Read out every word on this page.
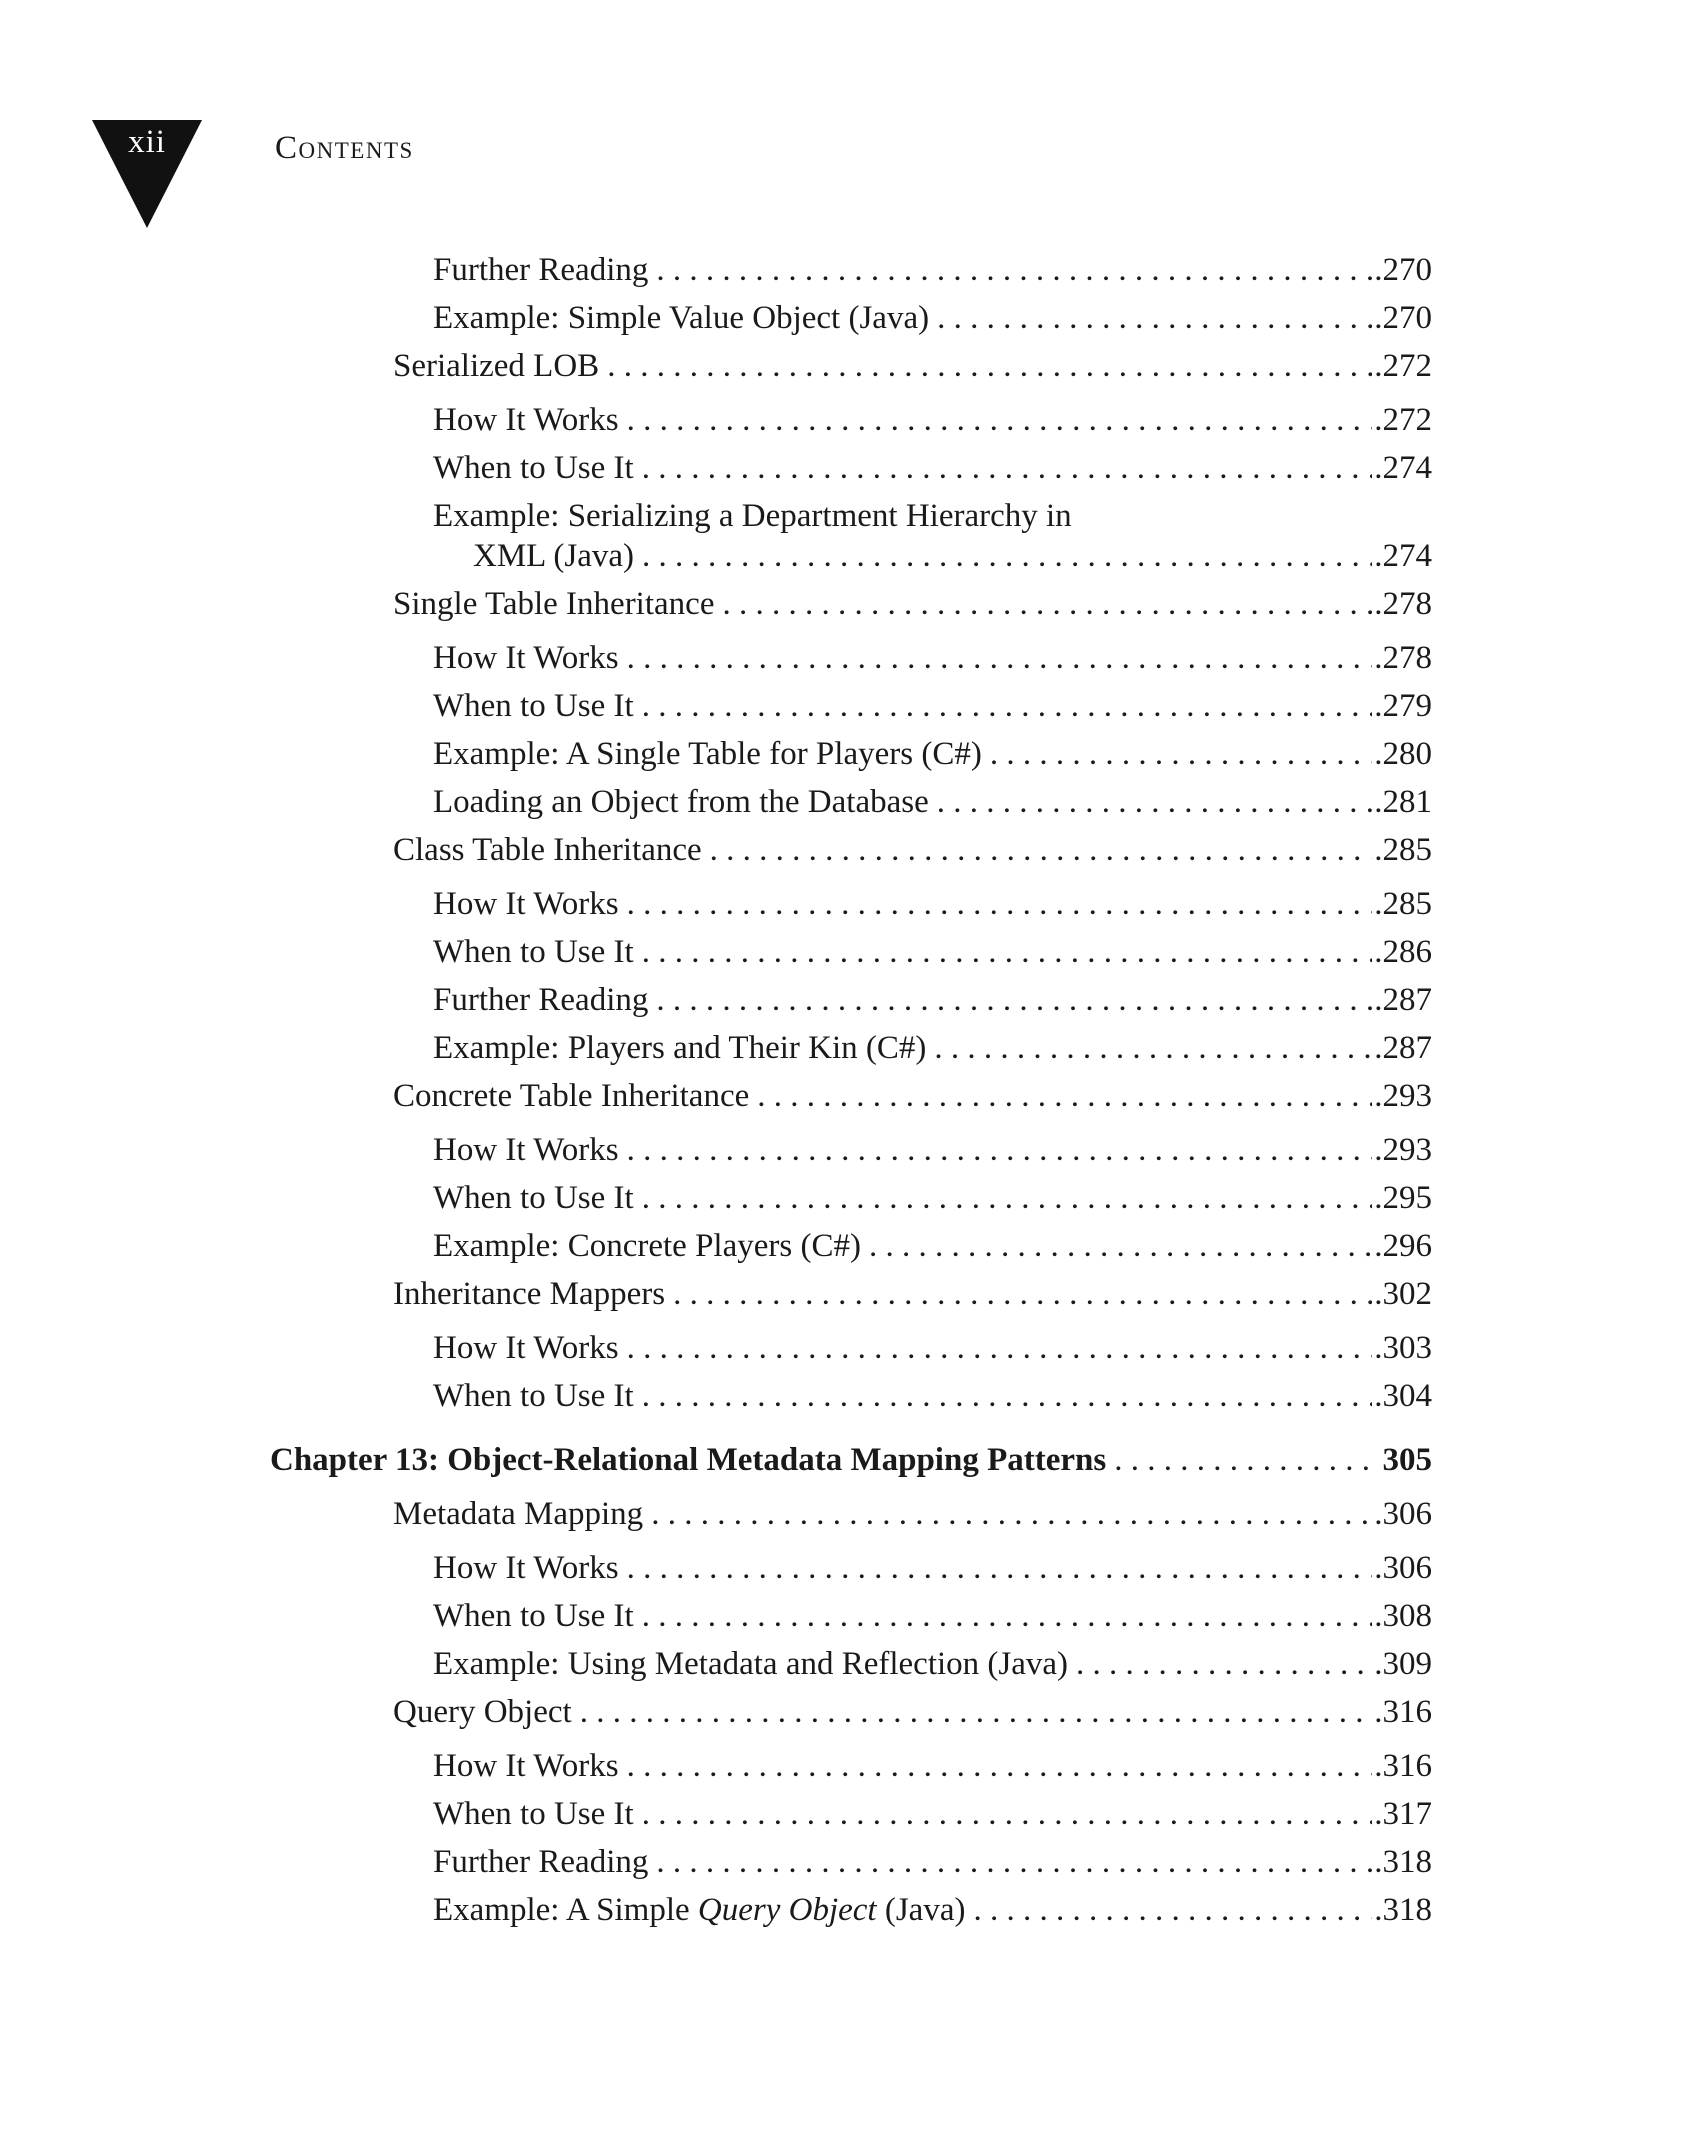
xii	Contents
Further Reading . . .	.270
Example: Simple Value Object (Java) . . .	.270
Serialized LOB . . .	.272
How It Works . . .	.272
When to Use It . . .	.274
Example: Serializing a Department Hierarchy in
XML (Java) . . .	.274
Single Table Inheritance . . .	.278
How It Works . . .	.278
When to Use It . . .	.279
Example: A Single Table for Players (C#) . . .	.280
Loading an Object from the Database . . .	.281
Class Table Inheritance . . .	.285
How It Works . . .	.285
When to Use It . . .	.286
Further Reading . . .	.287
Example: Players and Their Kin (C#) . . .	.287
Concrete Table Inheritance . . .	.293
How It Works . . .	.293
When to Use It . . .	.295
Example: Concrete Players (C#) . . .	.296
Inheritance Mappers . . .	.302
How It Works . . .	.303
When to Use It . . .	.304
Chapter 13: Object-Relational Metadata Mapping Patterns . . .	305
Metadata Mapping . . .	.306
How It Works . . .	.306
When to Use It . . .	.308
Example: Using Metadata and Reflection (Java) . . .	.309
Query Object . . .	.316
How It Works . . .	.316
When to Use It . . .	.317
Further Reading . . .	.318
Example: A Simple Query Object (Java) . . .	.318
